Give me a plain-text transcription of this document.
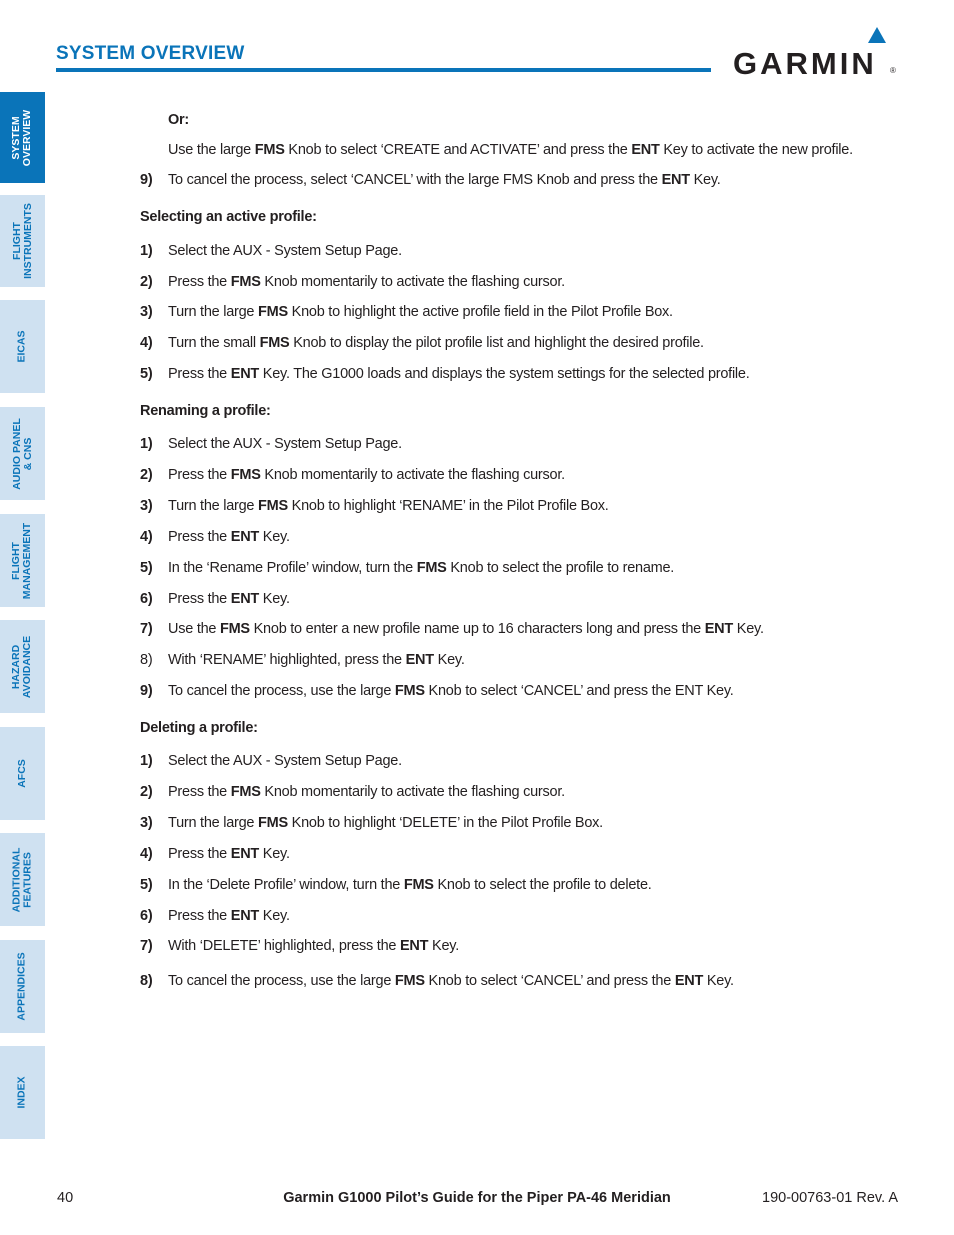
SYSTEM OVERVIEW	GARMIN ®
SYSTEM
OVERVIEW
FLIGHT
INSTRUMENTS
EICAS
AUDIO PANEL
& CNS
FLIGHT
MANAGEMENT
HAZARD
AVOIDANCE
AFCS
ADDITIONAL
FEATURES
APPENDICES
INDEX
Or:
Use the large FMS Knob to select ‘CREATE and ACTIVATE’ and press the ENT Key to activate the new profile.
9) To cancel the process, select ‘CANCEL’ with the large FMS Knob and press the ENT Key.
Selecting an active profile:
1) Select the AUX - System Setup Page.
2) Press the FMS Knob momentarily to activate the flashing cursor.
3) Turn the large FMS Knob to highlight the active profile field in the Pilot Profile Box.
4) Turn the small FMS Knob to display the pilot profile list and highlight the desired profile.
5) Press the ENT Key. The G1000 loads and displays the system settings for the selected profile.
Renaming a profile:
1) Select the AUX - System Setup Page.
2) Press the FMS Knob momentarily to activate the flashing cursor.
3) Turn the large FMS Knob to highlight ‘RENAME’ in the Pilot Profile Box.
4) Press the ENT Key.
5) In the ‘Rename Profile’ window, turn the FMS Knob to select the profile to rename.
6) Press the ENT Key.
7) Use the FMS Knob to enter a new profile name up to 16 characters long and press the ENT Key.
8) With ‘RENAME’ highlighted, press the ENT Key.
9) To cancel the process, use the large FMS Knob to select ‘CANCEL’ and press the ENT Key.
Deleting a profile:
1) Select the AUX - System Setup Page.
2) Press the FMS Knob momentarily to activate the flashing cursor.
3) Turn the large FMS Knob to highlight ‘DELETE’ in the Pilot Profile Box.
4) Press the ENT Key.
5) In the ‘Delete Profile’ window, turn the FMS Knob to select the profile to delete.
6) Press the ENT Key.
7) With ‘DELETE’ highlighted, press the ENT Key.
8) To cancel the process, use the large FMS Knob to select ‘CANCEL’ and press the ENT Key.
40	Garmin G1000 Pilot’s Guide for the Piper PA-46 Meridian	190-00763-01 Rev. A
